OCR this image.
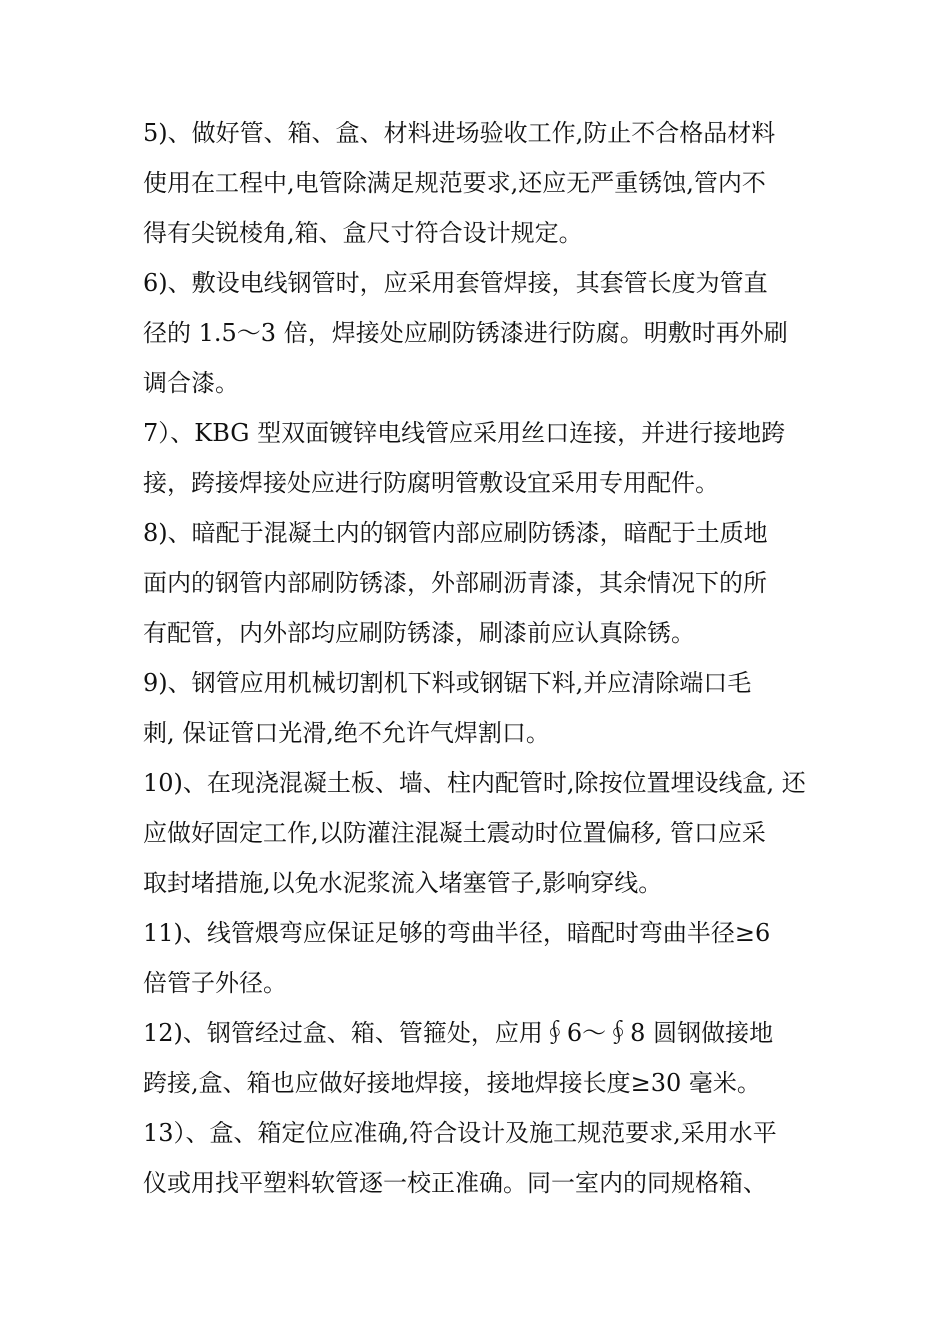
5)、做好管、箱、盒、材料进场验收工作,防止不合格品材料
使用在工程中,电管除满足规范要求,还应无严重锈蚀,管内不
得有尖锐棱角,箱、盒尺寸符合设计规定。
6)、敷设电线钢管时，应采用套管焊接，其套管长度为管直
径的 1.5～3 倍，焊接处应刷防锈漆进行防腐。明敷时再外刷
调合漆。
7）、KBG 型双面镀锌电线管应采用丝口连接，并进行接地跨
接，跨接焊接处应进行防腐明管敷设宜采用专用配件。
8)、暗配于混凝土内的钢管内部应刷防锈漆，暗配于土质地
面内的钢管内部刷防锈漆，外部刷沥青漆，其余情况下的所
有配管，内外部均应刷防锈漆，刷漆前应认真除锈。
9)、钢管应用机械切割机下料或钢锯下料,并应清除端口毛
刺, 保证管口光滑,绝不允许气焊割口。
10)、在现浇混凝土板、墙、柱内配管时,除按位置埋设线盒, 还
应做好固定工作,以防灌注混凝土震动时位置偏移, 管口应采
取封堵措施,以免水泥浆流入堵塞管子,影响穿线。
11)、线管煨弯应保证足够的弯曲半径，暗配时弯曲半径≥6
倍管子外径。
12)、钢管经过盒、箱、管箍处，应用∮6～∮8 圆钢做接地
跨接,盒、箱也应做好接地焊接，接地焊接长度≥30 毫米。
13）、盒、箱定位应准确,符合设计及施工规范要求,采用水平
仪或用找平塑料软管逐一校正准确。同一室内的同规格箱、
